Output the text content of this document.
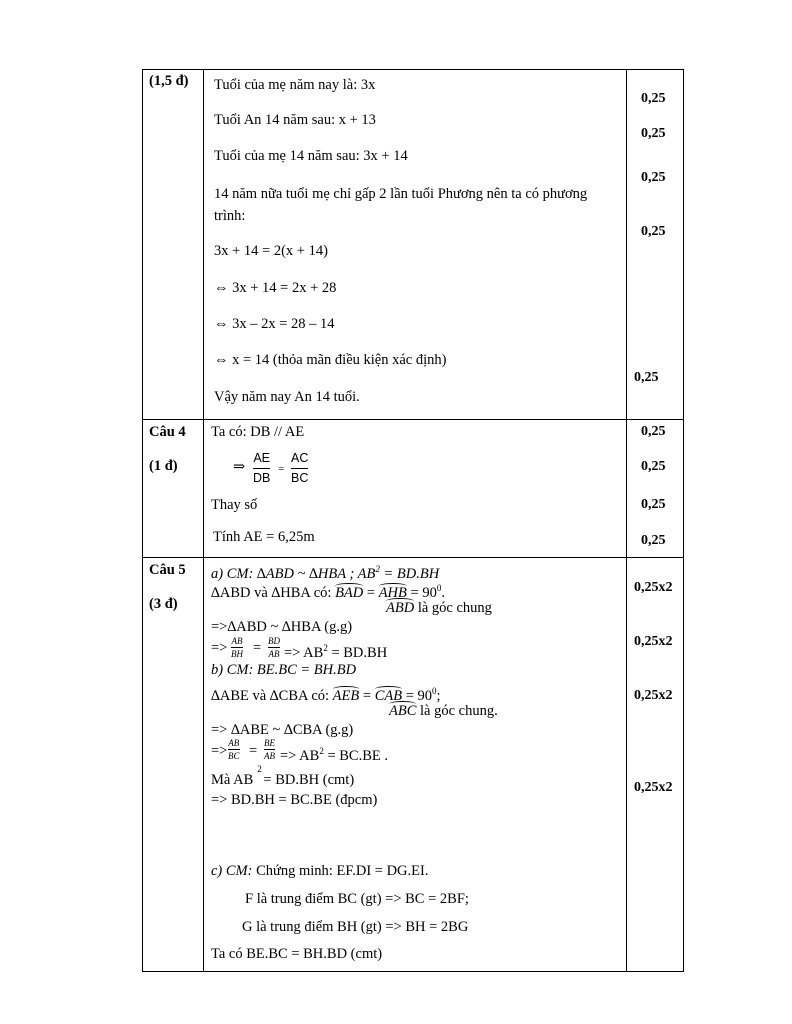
(1,5 đ) Tuổi của mẹ năm nay là: 3x
Tuổi An 14 năm sau: x + 13
Tuổi của mẹ 14 năm sau: 3x + 14
14 năm nữa tuổi mẹ chỉ gấp 2 lần tuổi Phương nên ta có phương
trình:
3x + 14 = 2(x + 14)
⇔ 3x + 14 = 2x + 28
⇔ 3x – 2x = 28 – 14
⇔ x = 14 (thỏa mãn điều kiện xác định)
Vậy năm nay An 14 tuổi.
0,25
0,25
0,25
0,25
0,25
Câu 4
(1 đ)
Ta có: DB // AE
⇒
AE
DB
=
AC
BC
Thay số
Tính AE = 6,25m
0,25
0,25
0,25
0,25
Câu 5
(3 đ)
a) CM: ∆ABD ~ ∆HBA ; $AB^2 = BD.BH$
∆ABD và ∆HBA có:
BAD =
AHB = $90^0$.
ABD là góc chung
=>∆ABD ~ ∆HBA (g.g)
=> AB
BH = BD
AB => $AB^2 = BD.BH$
b) CM: BE.BC = BH.BD
∆ABE và ∆CBA có:
AEB =
CAB = $90^0$;
ABC là góc chung.
=> ∆ABE ~ ∆CBA (g.g)
=> AB
BC = BE
AB => $AB^2 = BC.BE$ .
Mà $AB^2 = BD.BH$ (cmt)
=> BD.BH = BC.BE (đpcm)
c) CM: Chứng minh: EF.DI = DG.EI.
F là trung điểm BC (gt) => BC = 2BF;
G là trung điểm BH (gt) => BH = 2BG
Ta có BE.BC = BH.BD (cmt)
0,25x2
0,25x2
0,25x2
0,25x2
